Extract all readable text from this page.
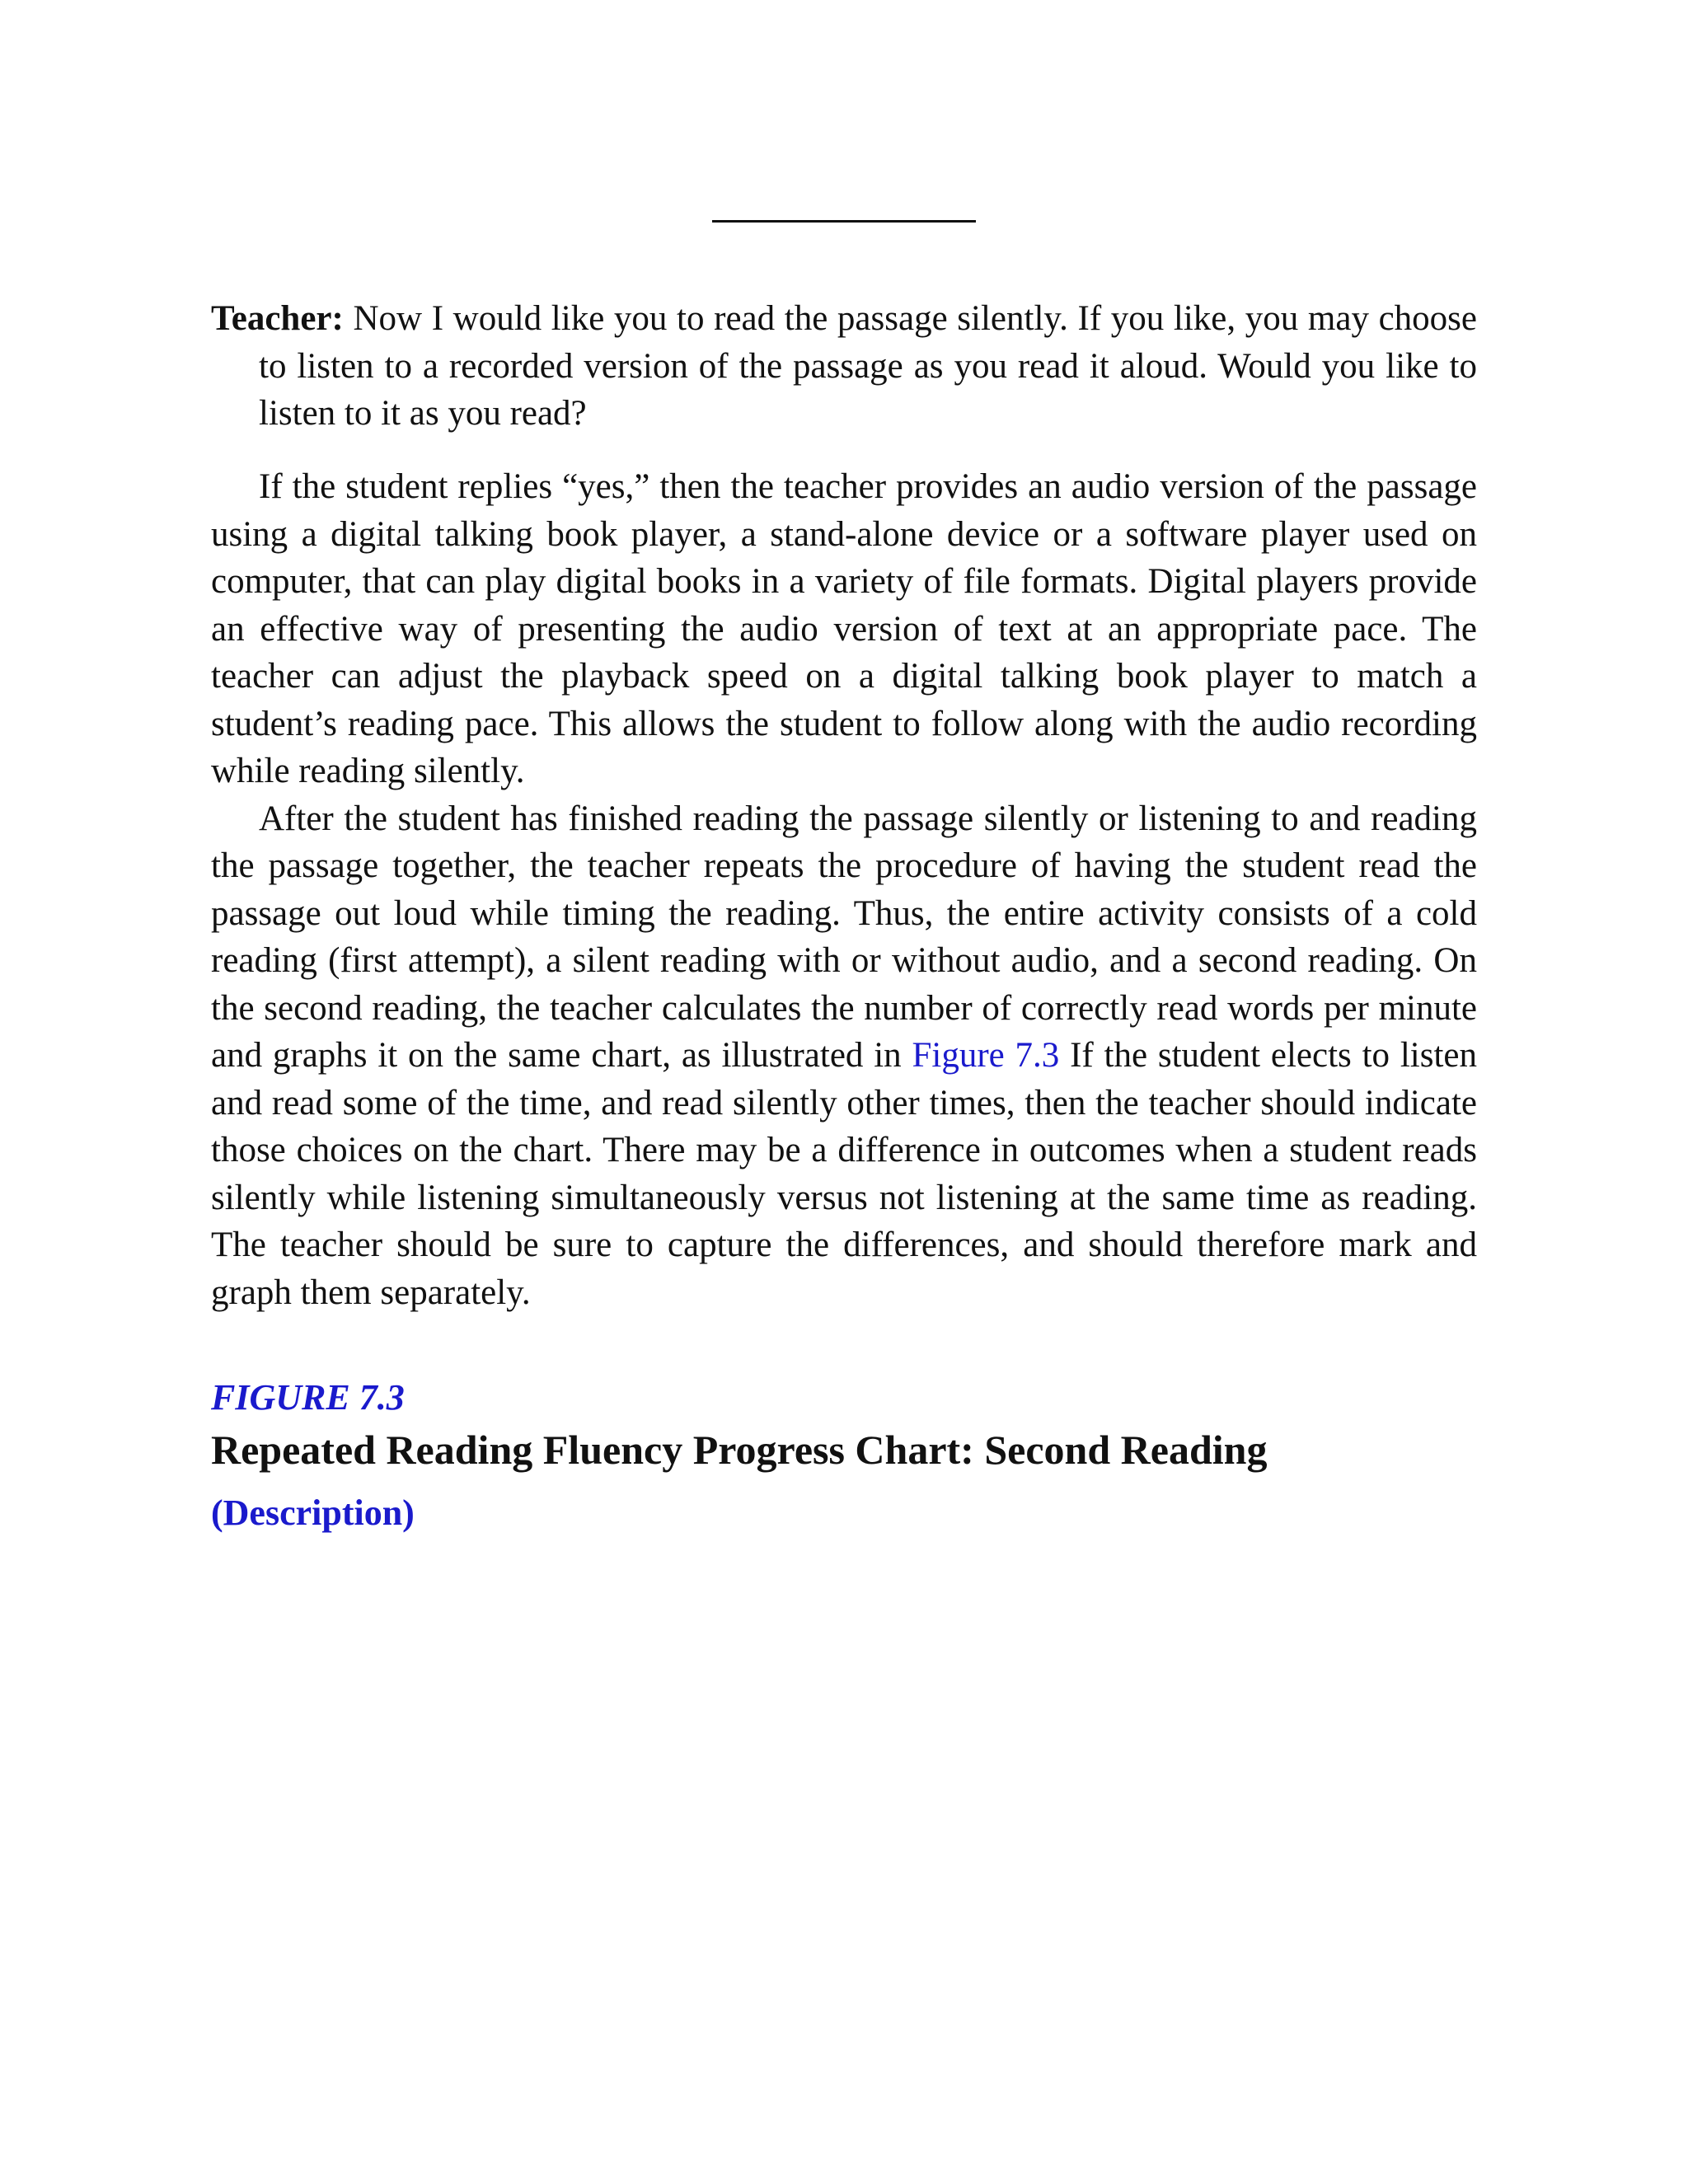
Teacher: Now I would like you to read the passage silently. If you like, you may choose to listen to a recorded version of the passage as you read it aloud. Would you like to listen to it as you read?

If the student replies “yes,” then the teacher provides an audio version of the passage using a digital talking book player, a stand-alone device or a software player used on computer, that can play digital books in a variety of file formats. Digital players provide an effective way of presenting the audio version of text at an appropriate pace. The teacher can adjust the playback speed on a digital talking book player to match a student’s reading pace. This allows the student to follow along with the audio recording while reading silently.

After the student has finished reading the passage silently or listening to and reading the passage together, the teacher repeats the procedure of having the student read the passage out loud while timing the reading. Thus, the entire activity consists of a cold reading (first attempt), a silent reading with or without audio, and a second reading. On the second reading, the teacher calculates the number of correctly read words per minute and graphs it on the same chart, as illustrated in Figure 7.3 If the student elects to listen and read some of the time, and read silently other times, then the teacher should indicate those choices on the chart. There may be a difference in outcomes when a student reads silently while listening simultaneously versus not listening at the same time as reading. The teacher should be sure to capture the differences, and should therefore mark and graph them separately.

FIGURE 7.3
Repeated Reading Fluency Progress Chart: Second Reading
(Description)
